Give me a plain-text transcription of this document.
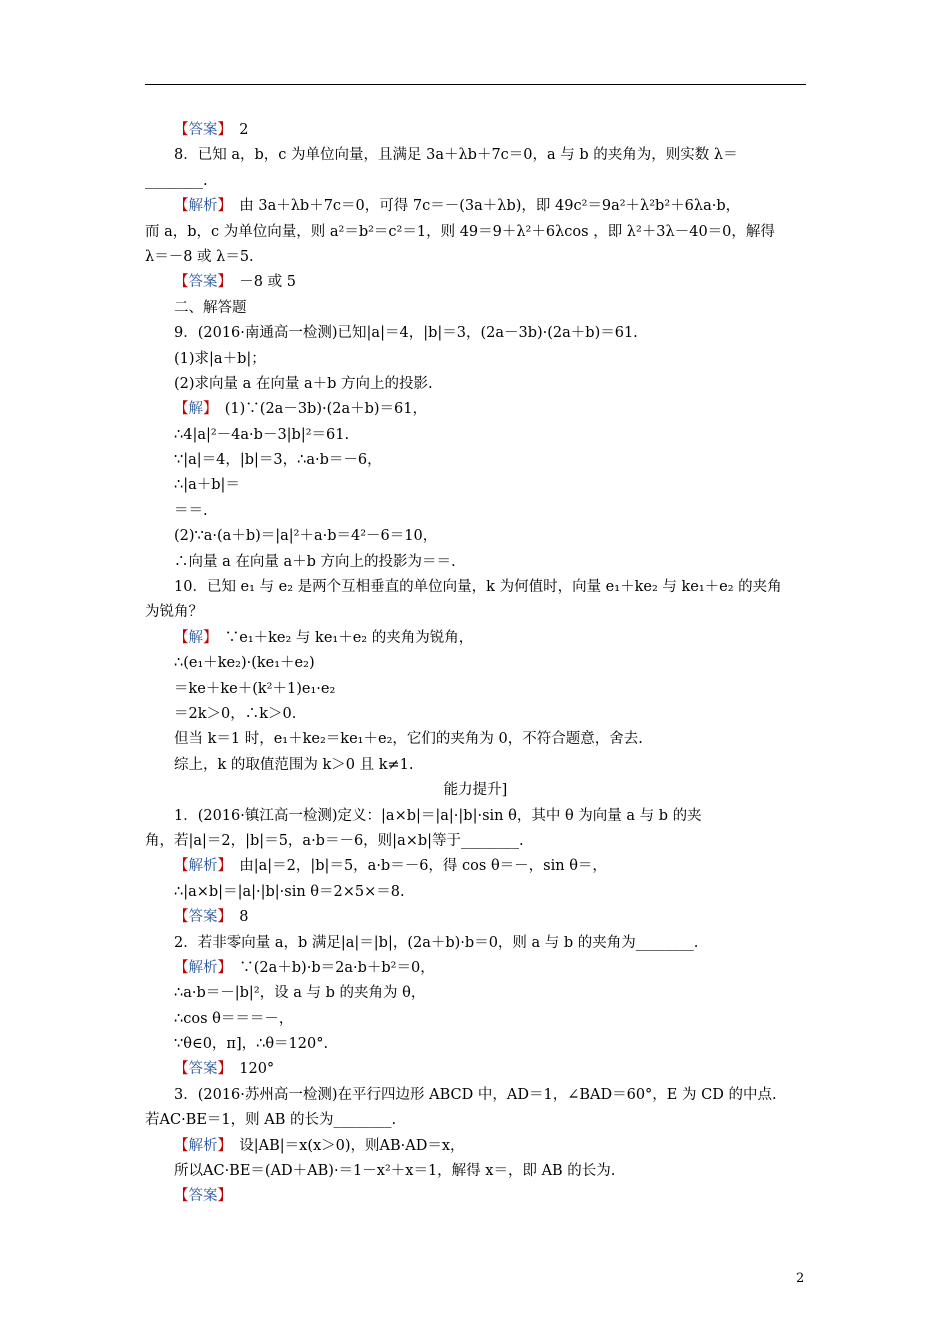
【答案】　2
8．已知 a，b，c 为单位向量，且满足 3a＋λb＋7c＝0，a 与 b 的夹角为，则实数 λ＝
________.
【解析】　由 3a＋λb＋7c＝0，可得 7c＝－(3a＋λb)，即 49c²＝9a²＋λ²b²＋6λa·b，
而 a，b，c 为单位向量，则 a²＝b²＝c²＝1，则 49＝9＋λ²＋6λcos ，即 λ²＋3λ－40＝0，解得
λ＝－8 或 λ＝5.
【答案】　－8 或 5
二、解答题
9．(2016·南通高一检测)已知|a|＝4，|b|＝3，(2a－3b)·(2a＋b)＝61.
(1)求|a＋b|；
(2)求向量 a 在向量 a＋b 方向上的投影.
【解】　(1)∵(2a－3b)·(2a＋b)＝61，
∴4|a|²－4a·b－3|b|²＝61.
∵|a|＝4，|b|＝3，∴a·b＝－6，
∴|a＋b|＝
＝＝.
(2)∵a·(a＋b)＝|a|²＋a·b＝4²－6＝10，
∴向量 a 在向量 a＋b 方向上的投影为＝＝.
10．已知 e₁ 与 e₂ 是两个互相垂直的单位向量，k 为何值时，向量 e₁＋ke₂ 与 ke₁＋e₂ 的夹角
为锐角？
【解】　∵e₁＋ke₂ 与 ke₁＋e₂ 的夹角为锐角，
∴(e₁＋ke₂)·(ke₁＋e₂)
＝ke＋ke＋(k²＋1)e₁·e₂
＝2k＞0，∴k＞0.
但当 k＝1 时，e₁＋ke₂＝ke₁＋e₂，它们的夹角为 0，不符合题意，舍去.
综上，k 的取值范围为 k＞0 且 k≠1.
能力提升]
1．(2016·镇江高一检测)定义：|a×b|＝|a|·|b|·sin θ，其中 θ 为向量 a 与 b 的夹
角，若|a|＝2，|b|＝5，a·b＝－6，则|a×b|等于________.
【解析】　由|a|＝2，|b|＝5，a·b＝－6，得 cos θ＝－，sin θ＝，
∴|a×b|＝|a|·|b|·sin θ＝2×5×＝8.
【答案】　8
2．若非零向量 a，b 满足|a|＝|b|，(2a＋b)·b＝0，则 a 与 b 的夹角为________.
【解析】　∵(2a＋b)·b＝2a·b＋b²＝0，
∴a·b＝－|b|²，设 a 与 b 的夹角为 θ，
∴cos θ＝＝＝－，
∵θ∈0，π]，∴θ＝120°.
【答案】　120°
3．(2016·苏州高一检测)在平行四边形 ABCD 中，AD＝1，∠BAD＝60°，E 为 CD 的中点.
若AC·BE＝1，则 AB 的长为________.
【解析】　设|AB|＝x(x＞0)，则AB·AD＝x，
所以AC·BE＝(AD＋AB)·＝1－x²＋x＝1，解得 x＝，即 AB 的长为.
【答案】
2
